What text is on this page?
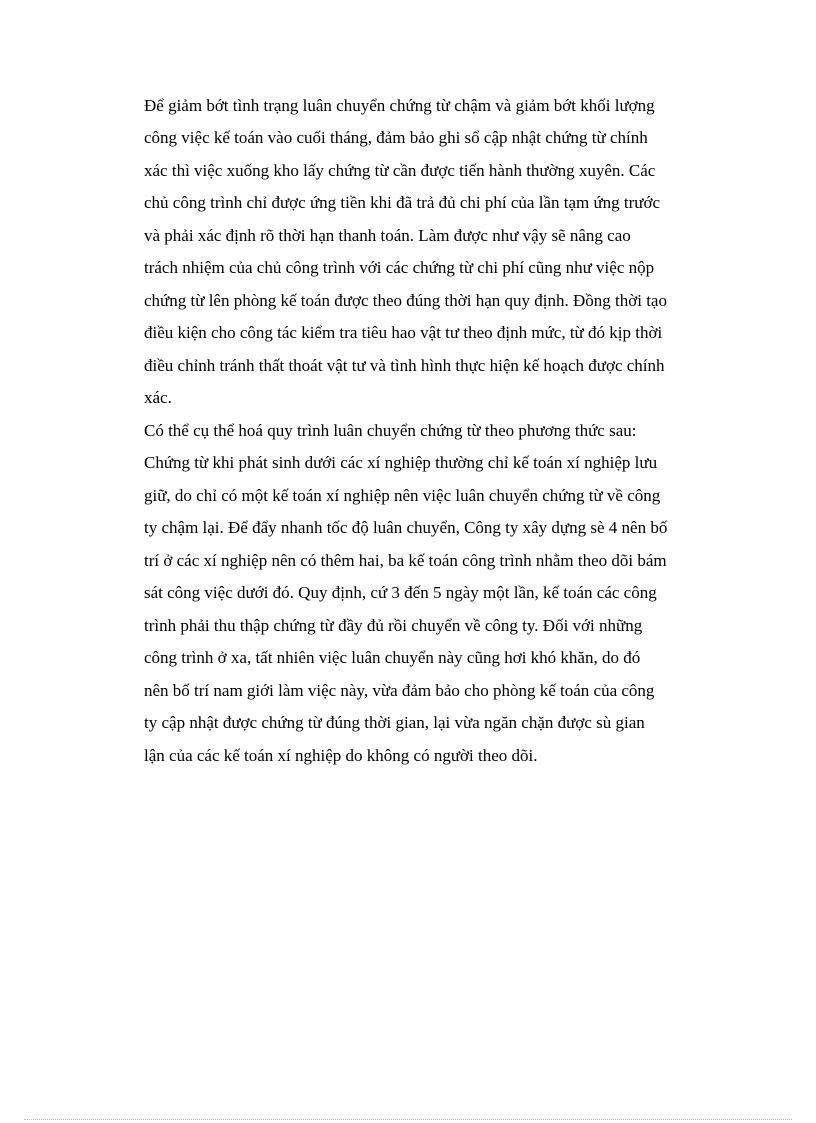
Để giảm bớt tình trạng luân chuyển chứng từ chậm và giảm bớt khối lượng
công việc kế toán vào cuối tháng, đảm bảo ghi sổ cập nhật chứng từ chính
xác thì việc xuống kho lấy chứng từ cần được tiến hành thường xuyên. Các
chủ công trình chỉ được ứng tiền khi đã trả đủ chi phí của lần tạm ứng trước
và phải xác định rõ thời hạn thanh toán. Làm được như vậy sẽ nâng cao
trách nhiệm của chủ công trình với các chứng từ chi phí cũng như việc nộp
chứng từ lên phòng kế toán được theo đúng thời hạn quy định. Đồng thời tạo
điều kiện cho công tác kiểm tra tiêu hao vật tư theo định mức, từ đó kịp thời
điều chỉnh tránh thất thoát vật tư và tình hình thực hiện kế hoạch được chính
xác.
Có thể cụ thể hoá quy trình luân chuyển chứng từ theo phương thức sau:
Chứng từ khi phát sinh dưới các xí nghiệp thường chỉ kế toán xí nghiệp lưu
giữ, do chỉ có một kế toán xí nghiệp nên việc luân chuyển chứng từ về công
ty chậm lại. Để đẩy nhanh tốc độ luân chuyển, Công ty xây dựng sè 4 nên bố
trí ở các xí nghiệp nên có thêm hai, ba kế toán công trình nhằm theo dõi bám
sát công việc dưới đó. Quy định, cứ 3 đến 5 ngày một lần, kế toán các công
trình phải thu thập chứng từ đầy đủ rồi chuyển về công ty. Đối với những
công trình ở xa, tất nhiên việc luân chuyển này cũng hơi khó khăn, do đó
nên bố trí nam giới làm việc này, vừa đảm bảo cho phòng kế toán của công
ty cập nhật được chứng từ đúng thời gian, lại vừa ngăn chặn được sù gian
lận của các kế toán xí nghiệp do không có người theo dõi.
